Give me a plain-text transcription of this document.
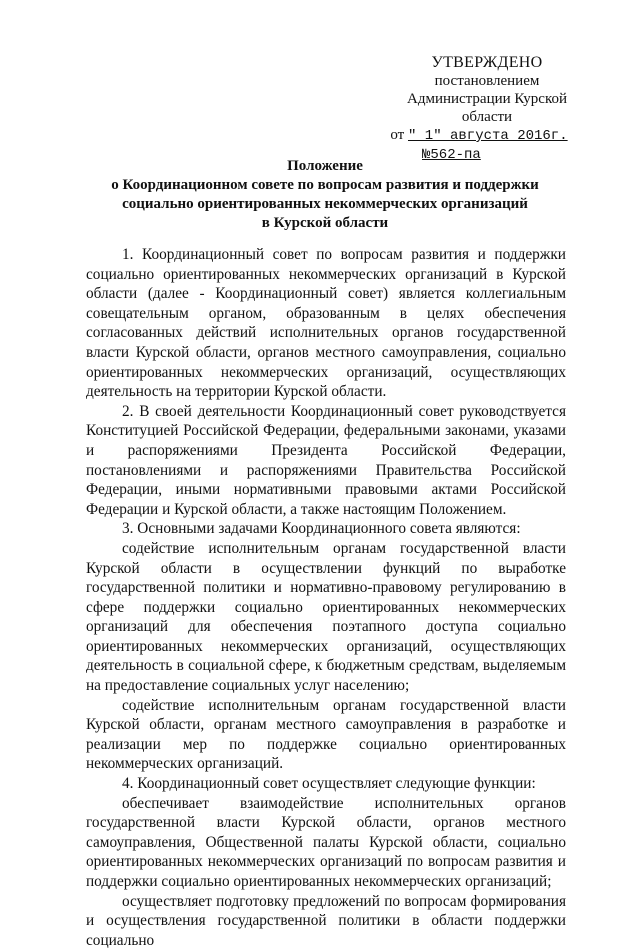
УТВЕРЖДЕНО
постановлением
Администрации Курской
области
от " 1" августа 2016г.
№562-па
Положение
о Координационном совете по вопросам развития и поддержки
социально ориентированных некоммерческих организаций
в Курской области

1. Координационный совет по вопросам развития и поддержки социально ориентированных некоммерческих организаций в Курской области (далее - Координационный совет) является коллегиальным совещательным органом, образованным в целях обеспечения согласованных действий исполнительных органов государственной власти Курской области, органов местного самоуправления, социально ориентированных некоммерческих организаций, осуществляющих деятельность на территории Курской области.

2. В своей деятельности Координационный совет руководствуется Конституцией Российской Федерации, федеральными законами, указами и распоряжениями Президента Российской Федерации, постановлениями и распоряжениями Правительства Российской Федерации, иными нормативными правовыми актами Российской Федерации и Курской области, а также настоящим Положением.

3. Основными задачами Координационного совета являются:

содействие исполнительным органам государственной власти Курской области в осуществлении функций по выработке государственной политики и нормативно-правовому регулированию в сфере поддержки социально ориентированных некоммерческих организаций для обеспечения поэтапного доступа социально ориентированных некоммерческих организаций, осуществляющих деятельность в социальной сфере, к бюджетным средствам, выделяемым на предоставление социальных услуг населению;

содействие исполнительным органам государственной власти Курской области, органам местного самоуправления в разработке и реализации мер по поддержке социально ориентированных некоммерческих организаций.

4. Координационный совет осуществляет следующие функции:

обеспечивает взаимодействие исполнительных органов государственной власти Курской области, органов местного самоуправления, Общественной палаты Курской области, социально ориентированных некоммерческих организаций по вопросам развития и поддержки социально ориентированных некоммерческих организаций;

осуществляет подготовку предложений по вопросам формирования и осуществления государственной политики в области поддержки социально
